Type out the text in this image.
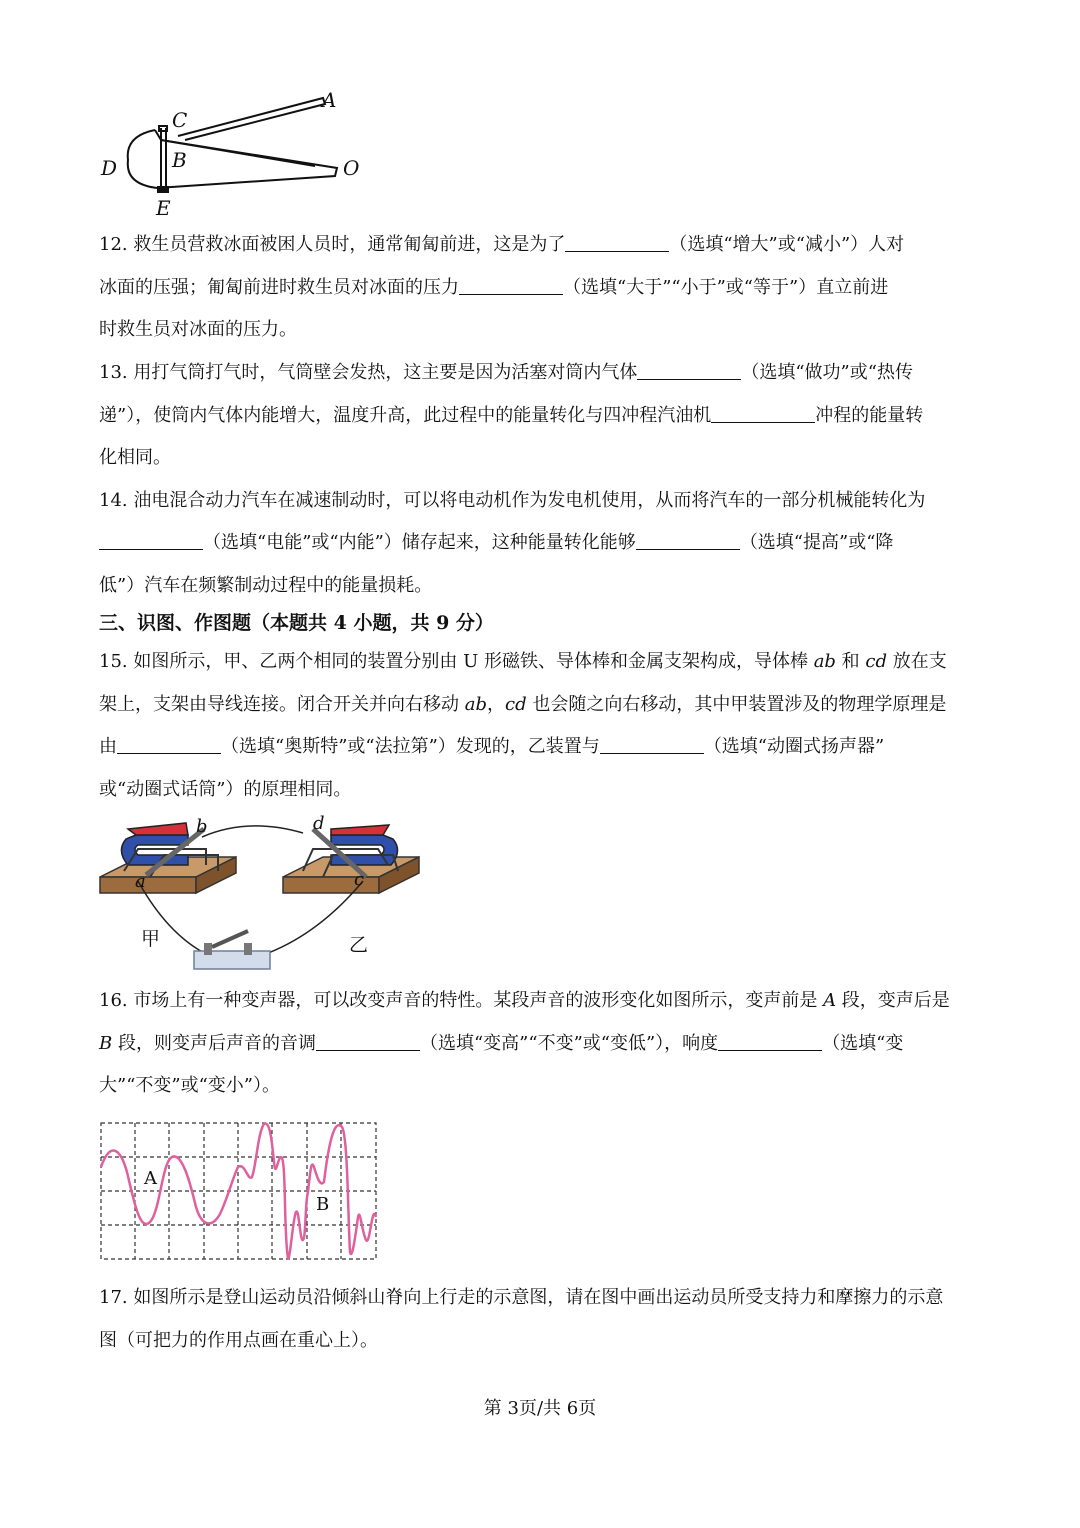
A
C
B
D	O
E
12. 救生员营救冰面被困人员时，通常匍匐前进，这是为了	（选填“增大”或“减小”）人对
冰面的压强；匍匐前进时救生员对冰面的压力	（选填“大于”“小于”或“等于”）直立前进
时救生员对冰面的压力。
13. 用打气筒打气时，气筒壁会发热，这主要是因为活塞对筒内气体	（选填“做功”或“热传
递”），使筒内气体内能增大，温度升高，此过程中的能量转化与四冲程汽油机	冲程的能量转
化相同。
14. 油电混合动力汽车在减速制动时，可以将电动机作为发电机使用，从而将汽车的一部分机械能转化为
（选填“电能”或“内能”）储存起来，这种能量转化能够	（选填“提高”或“降
低”）汽车在频繁制动过程中的能量损耗。
三、识图、作图题（本题共 4 小题，共 9 分）
15. 如图所示，甲、乙两个相同的装置分别由 U 形磁铁、导体棒和金属支架构成，导体棒 ab 和 cd 放在支
架上，支架由导线连接。闭合开关并向右移动 ab，cd 也会随之向右移动，其中甲装置涉及的物理学原理是
由	（选填“奥斯特”或“法拉第”）发现的，乙装置与	（选填“动圈式扬声器”
或“动圈式话筒”）的原理相同。
b	d
a	c
甲	乙
16. 市场上有一种变声器，可以改变声音的特性。某段声音的波形变化如图所示，变声前是 A 段，变声后是
B 段，则变声后声音的音调	（选填“变高”“不变”或“变低”），响度	（选填“变
大”“不变”或“变小”）。
A
B
17. 如图所示是登山运动员沿倾斜山脊向上行走的示意图，请在图中画出运动员所受支持力和摩擦力的示意
图（可把力的作用点画在重心上）。
第 3页/共 6页
